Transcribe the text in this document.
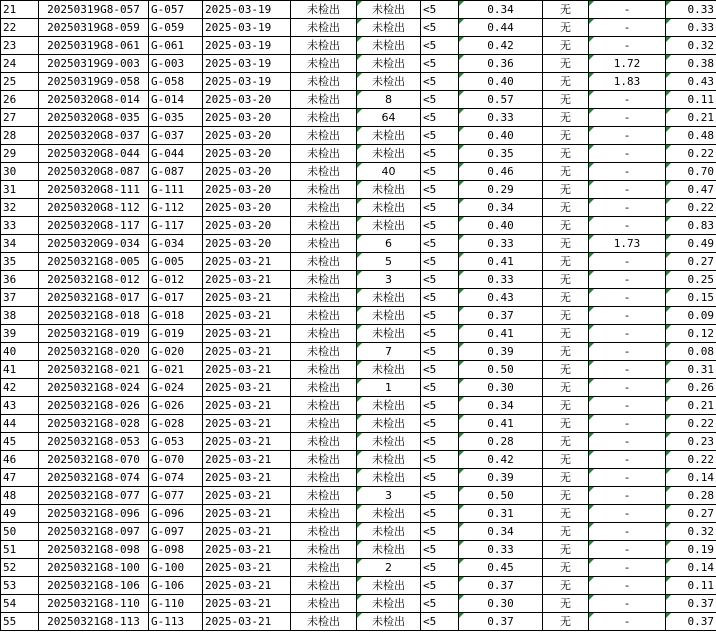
21	20250319G8-057	G-057	2025-03-19	未检出	未检出	<5	0.34	无	-	0.33
22	20250319G8-059	G-059	2025-03-19	未检出	未检出	<5	0.44	无	-	0.33
23	20250319G8-061	G-061	2025-03-19	未检出	未检出	<5	0.42	无	-	0.32
24	20250319G9-003	G-003	2025-03-19	未检出	未检出	<5	0.36	无	1.72	0.38
25	20250319G9-058	G-058	2025-03-19	未检出	未检出	<5	0.40	无	1.83	0.43
26	20250320G8-014	G-014	2025-03-20	未检出	8	<5	0.57	无	-	0.11
27	20250320G8-035	G-035	2025-03-20	未检出	64	<5	0.33	无	-	0.21
28	20250320G8-037	G-037	2025-03-20	未检出	未检出	<5	0.40	无	-	0.48
29	20250320G8-044	G-044	2025-03-20	未检出	未检出	<5	0.35	无	-	0.22
30	20250320G8-087	G-087	2025-03-20	未检出	40	<5	0.46	无	-	0.70
31	20250320G8-111	G-111	2025-03-20	未检出	未检出	<5	0.29	无	-	0.47
32	20250320G8-112	G-112	2025-03-20	未检出	未检出	<5	0.34	无	-	0.22
33	20250320G8-117	G-117	2025-03-20	未检出	未检出	<5	0.40	无	-	0.83
34	20250320G9-034	G-034	2025-03-20	未检出	6	<5	0.33	无	1.73	0.49
35	20250321G8-005	G-005	2025-03-21	未检出	5	<5	0.41	无	-	0.27
36	20250321G8-012	G-012	2025-03-21	未检出	3	<5	0.33	无	-	0.25
37	20250321G8-017	G-017	2025-03-21	未检出	未检出	<5	0.43	无	-	0.15
38	20250321G8-018	G-018	2025-03-21	未检出	未检出	<5	0.37	无	-	0.09
39	20250321G8-019	G-019	2025-03-21	未检出	未检出	<5	0.41	无	-	0.12
40	20250321G8-020	G-020	2025-03-21	未检出	7	<5	0.39	无	-	0.08
41	20250321G8-021	G-021	2025-03-21	未检出	未检出	<5	0.50	无	-	0.31
42	20250321G8-024	G-024	2025-03-21	未检出	1	<5	0.30	无	-	0.26
43	20250321G8-026	G-026	2025-03-21	未检出	未检出	<5	0.34	无	-	0.21
44	20250321G8-028	G-028	2025-03-21	未检出	未检出	<5	0.41	无	-	0.22
45	20250321G8-053	G-053	2025-03-21	未检出	未检出	<5	0.28	无	-	0.23
46	20250321G8-070	G-070	2025-03-21	未检出	未检出	<5	0.42	无	-	0.22
47	20250321G8-074	G-074	2025-03-21	未检出	未检出	<5	0.39	无	-	0.14
48	20250321G8-077	G-077	2025-03-21	未检出	3	<5	0.50	无	-	0.28
49	20250321G8-096	G-096	2025-03-21	未检出	未检出	<5	0.31	无	-	0.27
50	20250321G8-097	G-097	2025-03-21	未检出	未检出	<5	0.34	无	-	0.32
51	20250321G8-098	G-098	2025-03-21	未检出	未检出	<5	0.33	无	-	0.19
52	20250321G8-100	G-100	2025-03-21	未检出	2	<5	0.45	无	-	0.14
53	20250321G8-106	G-106	2025-03-21	未检出	未检出	<5	0.37	无	-	0.11
54	20250321G8-110	G-110	2025-03-21	未检出	未检出	<5	0.30	无	-	0.37
55	20250321G8-113	G-113	2025-03-21	未检出	未检出	<5	0.37	无	-	0.37
